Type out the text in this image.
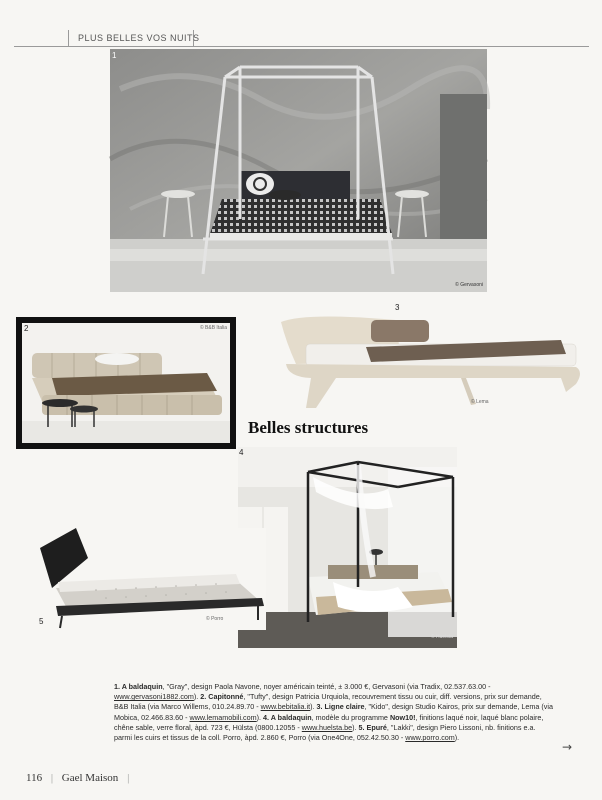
PLUS BELLES VOS NUITS
1
© Gervasoni
2	© B&B Italia
3
© Lema
Belles structures
4
© Huelsta
5	© Porro
1. A baldaquin, "Gray", design Paola Navone, noyer américain teinté, ± 3.000 €, Gervasoni (via Tradix, 02.537.63.00 - www.gervasoni1882.com). 2. Capitonné, "Tufty", design Patricia Urquiola, recouvrement tissu ou cuir, diff. versions, prix sur demande, B&B Italia (via Marco Willems, 010.24.89.70 - www.bebitalia.it). 3. Ligne claire, "Kido", design Studio Kairos, prix sur demande, Lema (via Mobica, 02.466.83.60 - www.lemamobili.com). 4. A baldaquin, modèle du programme Now10!, finitions laqué noir, laqué blanc polaire, chêne sable, verre floral, àpd. 723 €, Hülsta (0800.12055 - www.huelsta.be). 5. Epuré, "Lakki", design Piero Lissoni, nb. finitions e.a. parmi les cuirs et tissus de la coll. Porro, àpd. 2.860 €, Porro (via One4One, 052.42.50.30 - www.porro.com).
→
116 | Gael Maison |
